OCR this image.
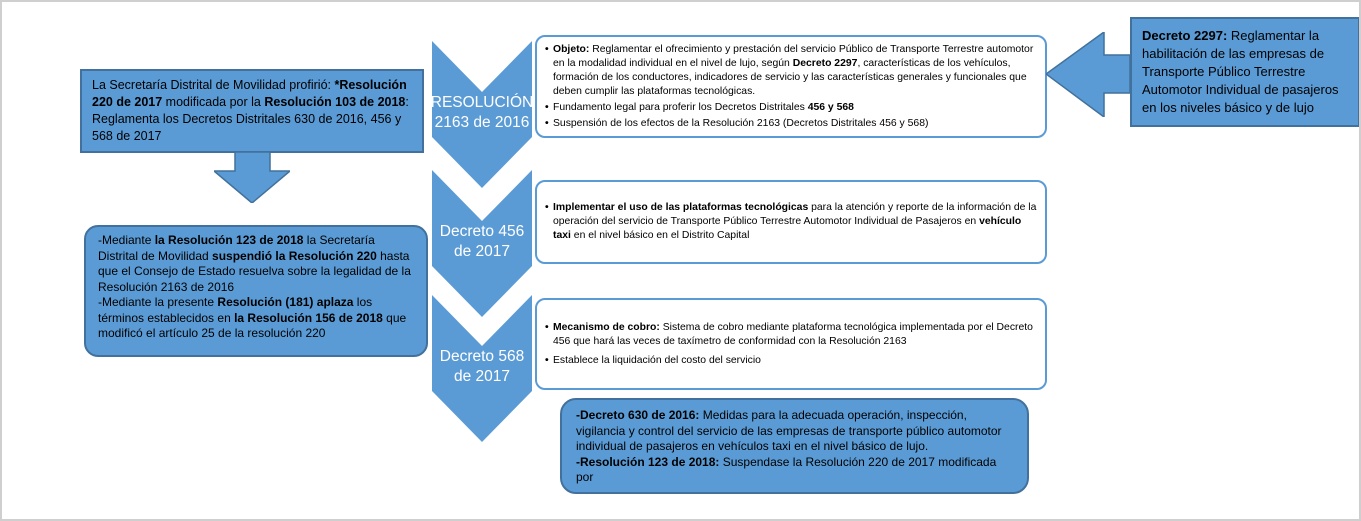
La Secretaría Distrital de Movilidad profirió: *Resolución 220 de 2017 modificada por la Resolución 103 de 2018: Reglamenta los Decretos Distritales 630 de 2016, 456 y 568 de 2017

-Mediante la Resolución 123 de 2018 la Secretaría Distrital de Movilidad suspendió la Resolución 220 hasta que el Consejo de Estado resuelva sobre la legalidad de la Resolución 2163 de 2016

-Mediante la presente Resolución (181) aplaza los términos establecidos en la Resolución 156 de 2018 que modificó el artículo 25 de la resolución 220

RESOLUCIÓN
2163 de 2016
Decreto 456
de 2017
Decreto 568
de 2017
• Objeto: Reglamentar el ofrecimiento y prestación del servicio Público de Transporte Terrestre automotor en la modalidad individual en el nivel de lujo, según Decreto 2297, características de los vehículos, formación de los conductores, indicadores de servicio y las características generales y funcionales que deben cumplir las plataformas tecnológicas.
• Fundamento legal para proferir los Decretos Distritales 456 y 568
• Suspensión de los efectos de la Resolución 2163 (Decretos Distritales 456 y 568)
• Implementar el uso de las plataformas tecnológicas para la atención y reporte de la información de la operación del servicio de Transporte Público Terrestre Automotor Individual de Pasajeros en vehículo taxi en el nivel básico en el Distrito Capital
• Mecanismo de cobro: Sistema de cobro mediante plataforma tecnológica implementada por el Decreto 456 que hará las veces de taxímetro de conformidad con la Resolución 2163
• Establece la liquidación del costo del servicio
Decreto 2297: Reglamentar la habilitación de las empresas de Transporte Público Terrestre Automotor Individual de pasajeros en los niveles básico y de lujo

-Decreto 630 de 2016: Medidas para la adecuada operación, inspección, vigilancia y control del servicio de las empresas de transporte público automotor individual de pasajeros en vehículos taxi en el nivel básico de lujo.

-Resolución 123 de 2018: Suspendase la Resolución 220 de 2017 modificada por
